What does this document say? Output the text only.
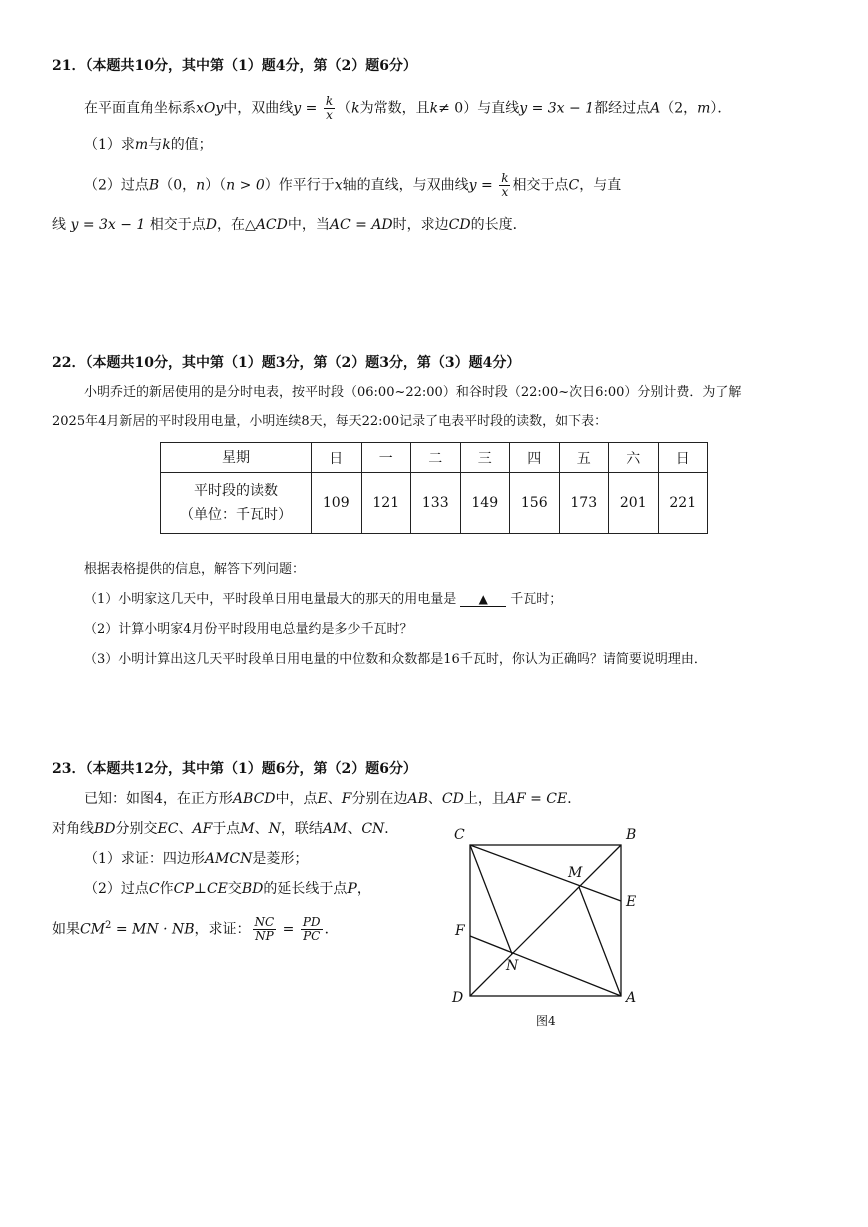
21．（本题共10分，其中第（1）题4分，第（2）题6分）
在平面直角坐标系xOy中，双曲线$y = \frac{k}{x} (k$为常数，且k≠ 0）与直线y = 3x − 1都经过点A（2，m）．
（1）求m与k的值；
（2）过点B（0，n）（n > 0）作平行于x轴的直线，与双曲线$y = \frac{k}{x}$ 相交于点C，与直
线 y = 3x − 1 相交于点D，在△ACD中，当AC = AD时，求边CD的长度．
22．（本题共10分，其中第（1）题3分，第（2）题3分，第（3）题4分）
小明乔迁的新居使用的是分时电表，按平时段（06:00~22:00）和谷时段（22:00~次日6:00）分别计费．为了解
2025年4月新居的平时段用电量，小明连续8天，每天22:00记录了电表平时段的读数，如下表：
星期	日	一	二	三	四	五	六	日

平时段的读数
（单位：千瓦时）	109	121	133	149	156	173	201	221
根据表格提供的信息，解答下列问题：
（1）小明家这几天中，平时段单日用电量最大的那天的用电量是 ▲ 千瓦时；
（2）计算小明家4月份平时段用电总量约是多少千瓦时？
（3）小明计算出这几天平时段单日用电量的中位数和众数都是16千瓦时，你认为正确吗？请简要说明理由．
23．（本题共12分，其中第（1）题6分，第（2）题6分）
已知：如图4，在正方形ABCD中，点E、F分别在边AB、CD上，且AF = CE．
对角线BD分别交EC、AF于点M、N，联结AM、CN．
（1）求证：四边形AMCN是菱形；
（2）过点C作CP⊥CE交BD的延长线于点P，
如果$CM^2$ = MN · NB，求证： $\frac{NC}{NP} = \frac{PD}{PC}$ ．
C	B
M
E
F
N
D	A
图4
